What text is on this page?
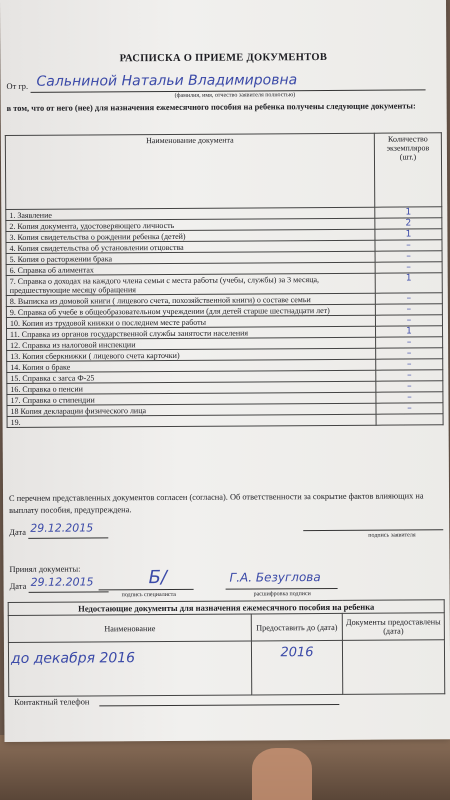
РАСПИСКА О ПРИЕМЕ ДОКУМЕНТОВ
От гр. Сальниной Натальи Владимировна
(фамилия, имя, отчество заявителя полностью)
в том, что от него (нее) для назначения ежемесячного пособия на ребенка получены следующие документы:
Наименование документа	Количество экземпляров (шт.)
1. Заявление	1
2. Копия документа, удостоверяющего личность	2
3. Копия свидетельства о рождении ребенка (детей)	1
4. Копия свидетельства об установлении отцовства	–
5. Копия о расторжении брака	–
6. Справка об алиментах	–
7. Справка о доходах на каждого члена семьи с места работы (учебы, службы) за 3 месяца, предшествующие месяцу обращения	1
8. Выписка из домовой книги ( лицевого счета, похозяйственной книги) о составе семьи	–
9. Справка об учебе в общеобразовательном учреждении (для детей старше шестнадцати лет)	–
10. Копия из трудовой книжки о последнем месте работы	–
11. Справка из органов государственной службы занятости населения	1
12. Справка из налоговой инспекции	–
13. Копия сберкнижки ( лицевого счета карточки)	–
14. Копия о браке	–
15. Справка с загса Ф-25	–
16. Справка о пенсии	–
17. Справка о стипендии	–
18 Копия декларации физического лица	–
19.	
С перечнем представленных документов согласен (согласна). Об ответственности за сокрытие фактов влияющих на выплату пособия, предупреждена.
Дата 29.12.2015
подпись заявителя
Принял документы:
Дата 29.12.2015	Б/
подпись специалиста
Г.А. Безуглова
расшифровка подписи
Недостающие документы для назначения ежемесячного пособия на ребенка		
Наименование	Предоставить до (дата)	Документы предоставлены (дата)
до декабря 2016	2016	
Контактный телефон
